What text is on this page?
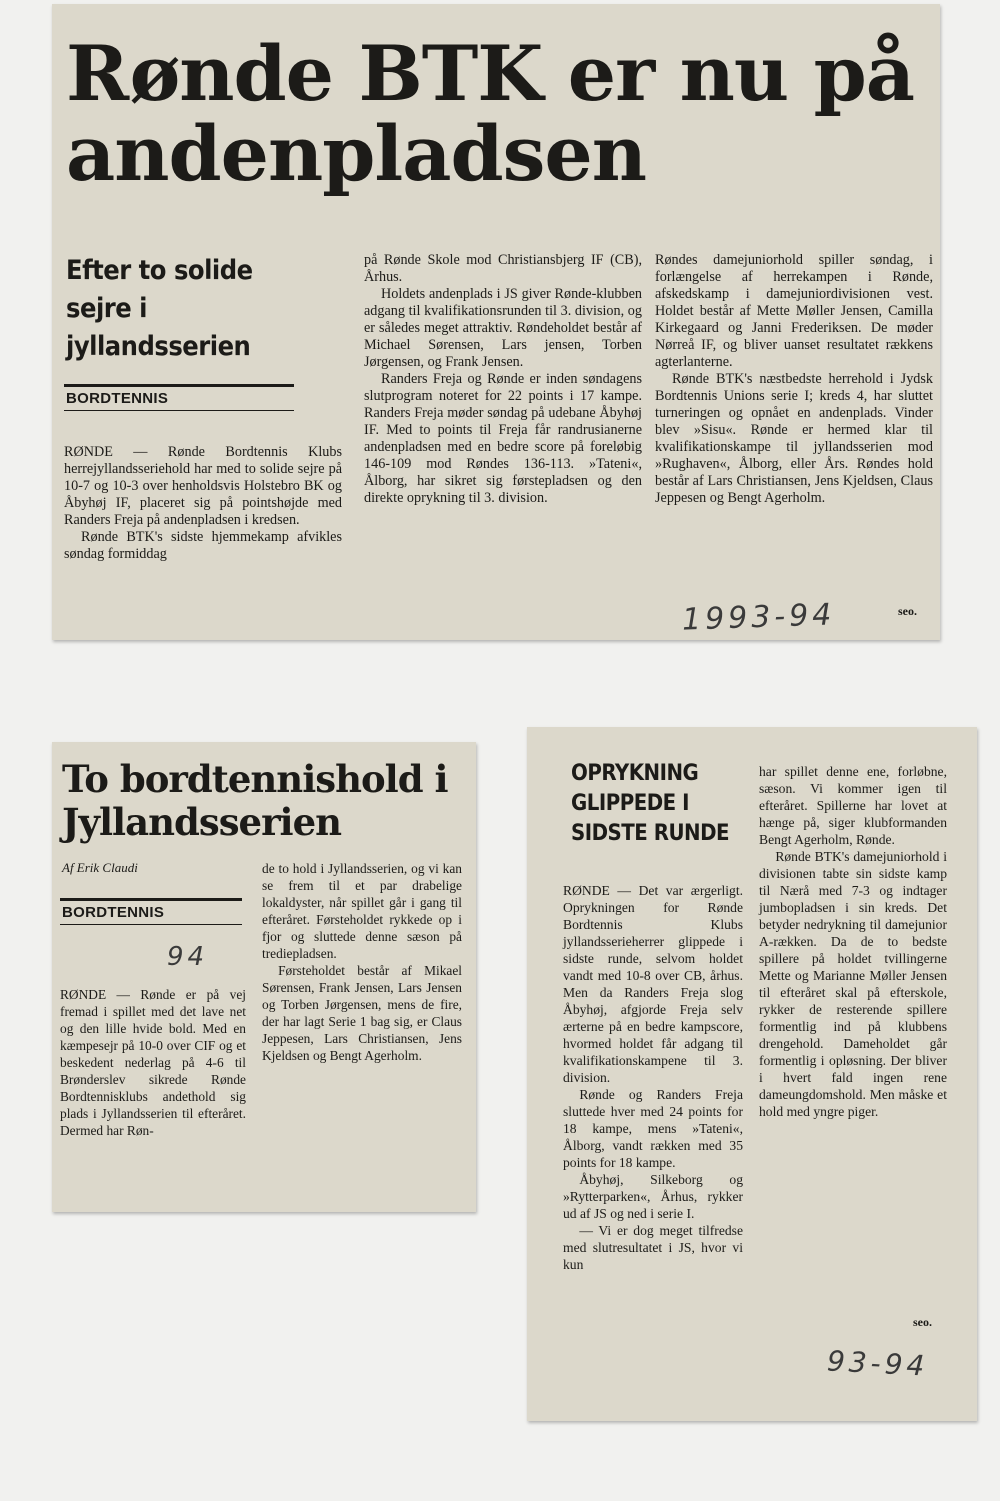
Rønde BTK er nu på andenpladsen
Efter to solide sejre i jyllandsserien
BORDTENNIS

RØNDE — Rønde Bordtennis Klubs herrejyllandsseriehold har med to solide sejre på 10-7 og 10-3 over henholdsvis Holstebro BK og Åbyhøj IF, placeret sig på pointshøjde med Randers Freja på andenpladsen i kredsen.

Rønde BTK's sidste hjemmekamp afvikles søndag formiddag

på Rønde Skole mod Christiansbjerg IF (CB), Århus.

Holdets andenplads i JS giver Rønde-klubben adgang til kvalifikationsrunden til 3. division, og er således meget attraktiv. Røndeholdet består af Michael Sørensen, Lars jensen, Torben Jørgensen, og Frank Jensen.

Randers Freja og Rønde er inden søndagens slutprogram noteret for 22 points i 17 kampe. Randers Freja møder søndag på udebane Åbyhøj IF. Med to points til Freja får randrusianerne andenpladsen med en bedre score på foreløbig 146-109 mod Røndes 136-113. »Tateni«, Ålborg, har sikret sig førstepladsen og den direkte oprykning til 3. division.

Røndes damejuniorhold spiller søndag, i forlængelse af herrekampen i Rønde, afskedskamp i damejuniordivisionen vest. Holdet består af Mette Møller Jensen, Camilla Kirkegaard og Janni Frederiksen. De møder Nørreå IF, og bliver uanset resultatet rækkens agterlanterne.

Rønde BTK's næstbedste herrehold i Jydsk Bordtennis Unions serie I; kreds 4, har sluttet turneringen og opnået en andenplads. Vinder blev »Sisu«. Rønde er hermed klar til kvalifikationskampe til jyllandsserien mod »Rughaven«, Ålborg, eller Års. Røndes hold består af Lars Christiansen, Jens Kjeldsen, Claus Jeppesen og Bengt Agerholm.

1993-94	seo.
To bordtennishold i Jyllandsserien
Af Erik Claudi
BORDTENNIS
94

RØNDE — Rønde er på vej fremad i spillet med det lave net og den lille hvide bold. Med en kæmpesejr på 10-0 over CIF og et beskedent nederlag på 4-6 til Brønderslev sikrede Rønde Bordtennisklubs andethold sig plads i Jyllandsserien til efteråret. Dermed har Røn-

de to hold i Jyllandsserien, og vi kan se frem til et par drabelige lokaldyster, når spillet går i gang til efteråret. Førsteholdet rykkede op i fjor og sluttede denne sæson på trediepladsen.

Førsteholdet består af Mikael Sørensen, Frank Jensen, Lars Jensen og Torben Jørgensen, mens de fire, der har lagt Serie 1 bag sig, er Claus Jeppesen, Lars Christiansen, Jens Kjeldsen og Bengt Agerholm.

OPRYKNING GLIPPEDE I SIDSTE RUNDE

RØNDE — Det var ærgerligt. Oprykningen for Rønde Bordtennis Klubs jyllandsserieherrer glippede i sidste runde, selvom holdet vandt med 10-8 over CB, århus. Men da Randers Freja slog Åbyhøj, afgjorde Freja selv ærterne på en bedre kampscore, hvormed holdet får adgang til kvalifikationskampene til 3. division.

Rønde og Randers Freja sluttede hver med 24 points for 18 kampe, mens »Tateni«, Ålborg, vandt rækken med 35 points for 18 kampe.

Åbyhøj, Silkeborg og »Rytterparken«, Århus, rykker ud af JS og ned i serie I.

— Vi er dog meget tilfredse med slutresultatet i JS, hvor vi kun

har spillet denne ene, forløbne, sæson. Vi kommer igen til efteråret. Spillerne har lovet at hænge på, siger klubformanden Bengt Agerholm, Rønde.

Rønde BTK's damejuniorhold i divisionen tabte sin sidste kamp til Nærå med 7-3 og indtager jumbopladsen i sin kreds. Det betyder nedrykning til damejunior A-rækken. Da de to bedste spillere på holdet tvillingerne Mette og Marianne Møller Jensen til efteråret skal på efterskole, rykker de resterende spillere formentlig ind på klubbens drengehold. Dameholdet går formentlig i opløsning. Der bliver i hvert fald ingen rene dameungdomshold. Men måske et hold med yngre piger.

seo.
93-94
